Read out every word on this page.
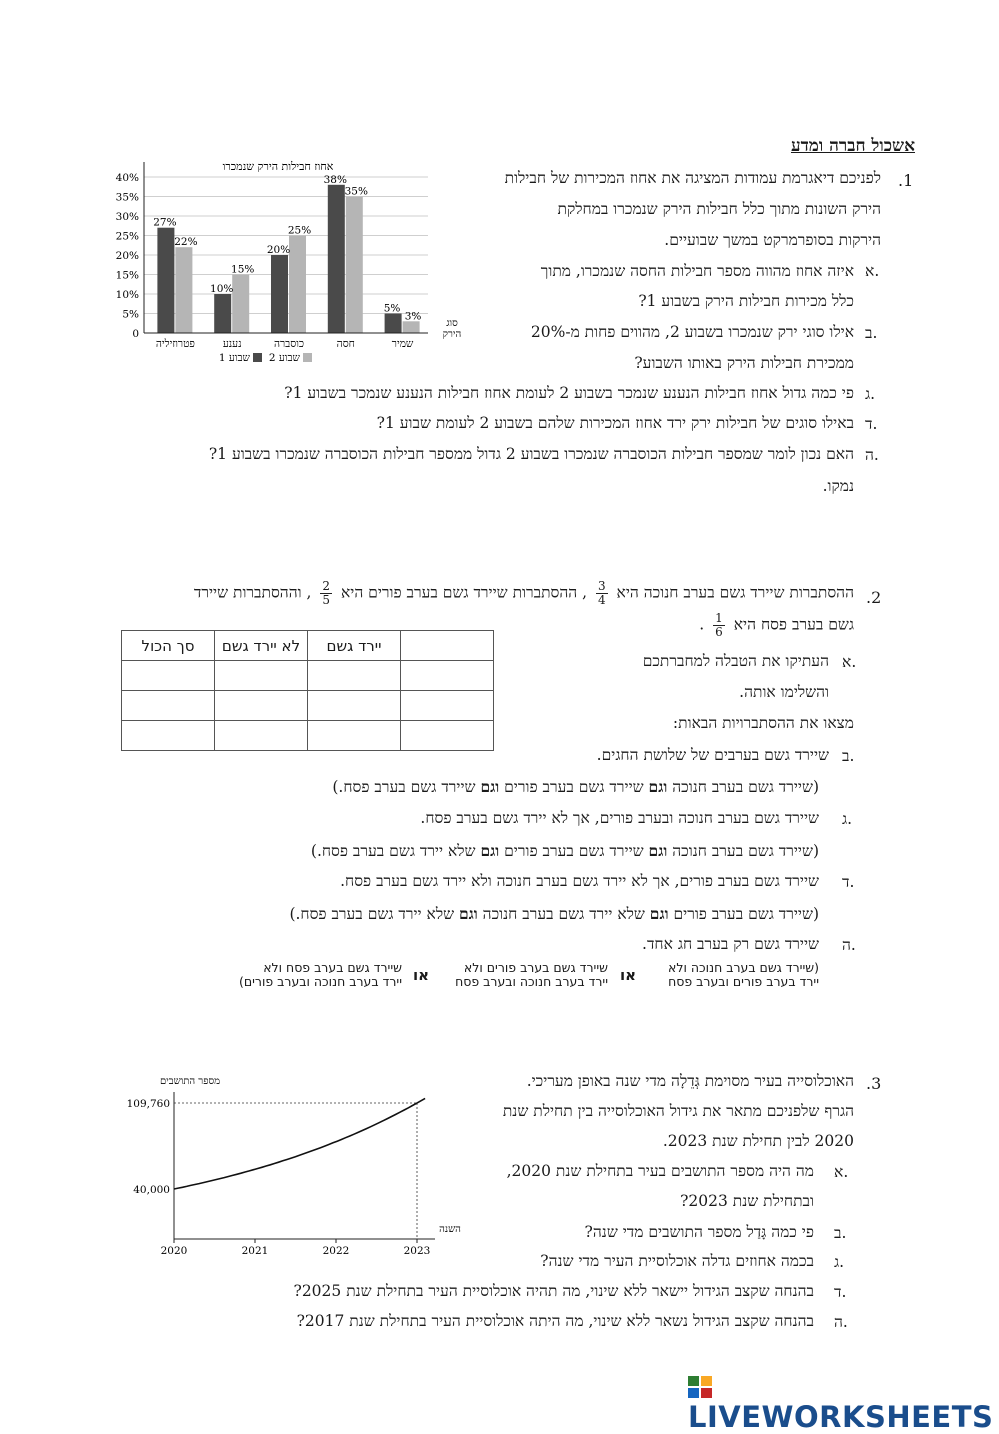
אשכול חברה ומדע
.1
לפניכם דיאגרמת עמודות המציגה את אחוז המכירות של חבילות
הירק השונות מתוך כלל חבילות הירק שנמכרו במחלקת
הירקות בסופרמרקט במשך שבועיים.
א.
איזה אחוז מהווה מספר חבילות החסה שנמכרו, מתוך
כלל מכירות חבילות הירק בשבוע 1?
ב.
אילו סוגי ירק שנמכרו בשבוע 2, מהווים פחות מ-20%
ממכירת חבילות הירק באותו השבוע?
ג.
פי כמה גדול אחוז חבילות הנענע שנמכר בשבוע 2 לעומת אחוז חבילות הנענע שנמכר בשבוע 1?
ד.
באילו סוגים של חבילות ירק ירד אחוז המכירות שלהם בשבוע 2 לעומת שבוע 1?
ה.
האם נכון לומר שמספר חבילות הכוסברה שנמכרו בשבוע 2 גדול ממספר חבילות הכוסברה שנמכרו בשבוע 1?
נמקו.
0
5%
10%
15%
20%
25%
30%
35%
40%
27%
22%
10%
15%
20%
25%
38%
35%
5%
3%
פטרוזיליה	נענע	כוסברה	חסה	שמיר
אחוז חבילות הירק שנמכרו
סוג הירק
שבוע 2
שבוע 1
.2
ההסתברות שיירד גשם בערב חנוכה היא
$\frac{3}{4}$
, ההסתברות שיירד גשם בערב פורים היא
$\frac{2}{5}$
, וההסתברות שיירד
גשם בערב פסח היא
$\frac{1}{6}$
.
	יירד גשם	לא יירד גשם	סך הכול

א.
העתיקו את הטבלה למחברתכם
והשלימו אותה.
מצאו את ההסתברויות הבאות:
ב.
שיירד גשם בערבים של שלושת החגים.
(שיירד גשם בערב חנוכה וגם שיירד גשם בערב פורים וגם שיירד גשם בערב פסח.)
ג.
שיירד גשם בערב חנוכה ובערב פורים, אך לא יירד גשם בערב פסח.
(שיירד גשם בערב חנוכה וגם שיירד גשם בערב פורים וגם שלא יירד גשם בערב פסח.)
ד.
שיירד גשם בערב פורים, אך לא יירד גשם בערב חנוכה ולא יירד גשם בערב פסח.
(שיירד גשם בערב פורים וגם שלא יירד גשם בערב חנוכה וגם שלא יירד גשם בערב פסח.)
ה.
שיירד גשם רק בערב חג אחד.
(שיירד גשם בערב חנוכה ולא
יירד בערב פורים ובערב פסח
או
שיירד גשם בערב פורים ולא
יירד בערב חנוכה ובערב פסח
או
שיירד גשם בערב פסח ולא
יירד בערב חנוכה ובערב פורים)
.3
האוכלוסייה בעיר מסוימת גְּדֵלָה מדי שנה באופן מעריכי.
הגרף שלפניכם מתאר את גידול האוכלוסייה בין תחילת שנת
2020 לבין תחילת שנת 2023.
א.
מה היה מספר התושבים בעיר בתחילת שנת 2020,
ובתחילת שנת 2023?
ב.
פי כמה גָּדַל מספר התושבים מדי שנה?
ג.
בכמה אחוזים גדלה אוכלוסיית העיר מדי שנה?
ד.
בהנחה שקצב הגידול יישאר ללא שינוי, מה תהיה אוכלוסיית העיר בתחילת שנת 2025?
ה.
בהנחה שקצב הגידול נשאר ללא שינוי, מה היתה אוכלוסיית העיר בתחילת שנת 2017?
מספר התושבים
השנה
2020	2021	2022	2023
40,000
109,760
LIVEWORKSHEETS
